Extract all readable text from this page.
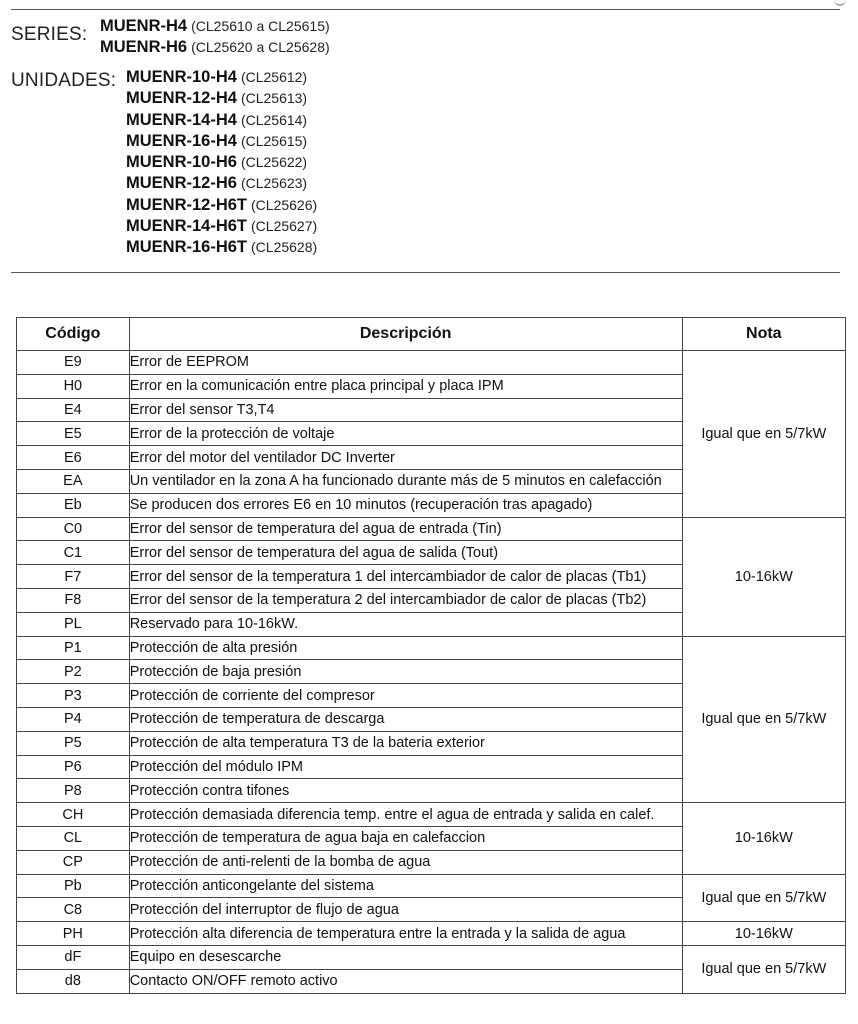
SERIES: MUENR-H4 (CL25610 a CL25615)
MUENR-H6 (CL25620 a CL25628)
UNIDADES: MUENR-10-H4 (CL25612)
MUENR-12-H4 (CL25613)
MUENR-14-H4 (CL25614)
MUENR-16-H4 (CL25615)
MUENR-10-H6 (CL25622)
MUENR-12-H6 (CL25623)
MUENR-12-H6T (CL25626)
MUENR-14-H6T (CL25627)
MUENR-16-H6T (CL25628)
Código	Descripción	Nota
E9	Error de EEPROM	Igual que en 5/7kW
H0	Error en la comunicación entre placa principal y placa IPM	
E4	Error del sensor T3,T4	
E5	Error de la protección de voltaje	
E6	Error del motor del ventilador DC Inverter	
EA	Un ventilador en la zona A ha funcionado durante más de 5 minutos en calefacción	
Eb	Se producen dos errores E6 en 10 minutos (recuperación tras apagado)	
C0	Error del sensor de temperatura del agua de entrada (Tin)	10-16kW
C1	Error del sensor de temperatura del agua de salida (Tout)	
F7	Error del sensor de la temperatura 1 del intercambiador de calor de placas (Tb1)	
F8	Error del sensor de la temperatura 2 del intercambiador de calor de placas (Tb2)	
PL	Reservado para 10-16kW.	
P1	Protección de alta presión	Igual que en 5/7kW
P2	Protección de baja presión	
P3	Protección de corriente del compresor	
P4	Protección de temperatura de descarga	
P5	Protección de alta temperatura T3 de la bateria exterior	
P6	Protección del módulo IPM	
P8	Protección contra tifones	
CH	Protección demasiada diferencia temp. entre el agua de entrada y salida en calef.	10-16kW
CL	Protección de temperatura de agua baja en calefaccion	
CP	Protección de anti-relenti de la bomba de agua	
Pb	Protección anticongelante del sistema	Igual que en 5/7kW
C8	Protección del interruptor de flujo de agua	
PH	Protección alta diferencia de temperatura entre la entrada y la salida de agua	10-16kW
dF	Equipo en desescarche	Igual que en 5/7kW
d8	Contacto ON/OFF remoto activo	
